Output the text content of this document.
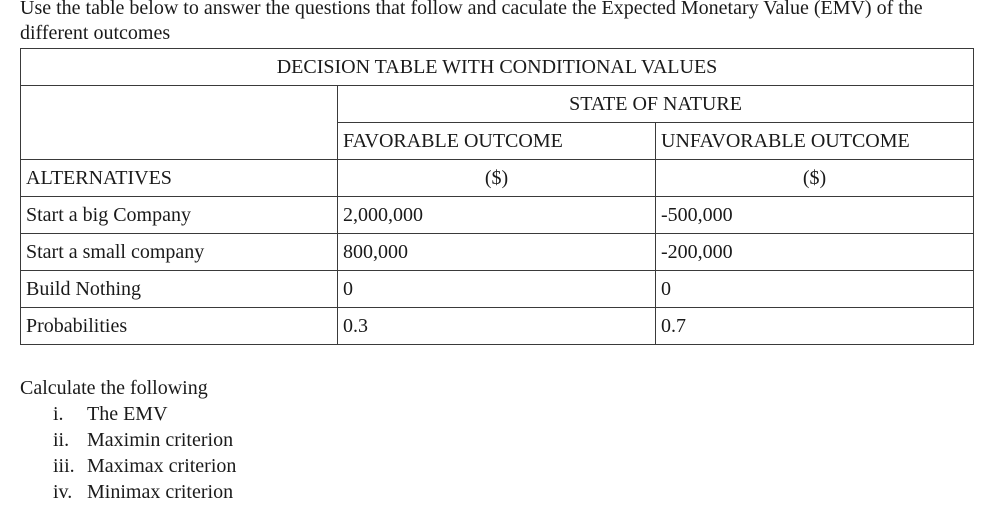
Use the table below to answer the questions that follow and caculate the Expected Monetary Value (EMV) of the different outcomes
DECISION TABLE WITH CONDITIONAL VALUES		
	STATE OF NATURE	
	FAVORABLE OUTCOME	UNFAVORABLE OUTCOME
ALTERNATIVES	($)	($)
Start a big Company	2,000,000	-500,000
Start a small company	800,000	-200,000
Build Nothing	0	0
Probabilities	0.3	0.7
Calculate the following
i. The EMV
ii. Maximin criterion
iii. Maximax criterion
iv. Minimax criterion
